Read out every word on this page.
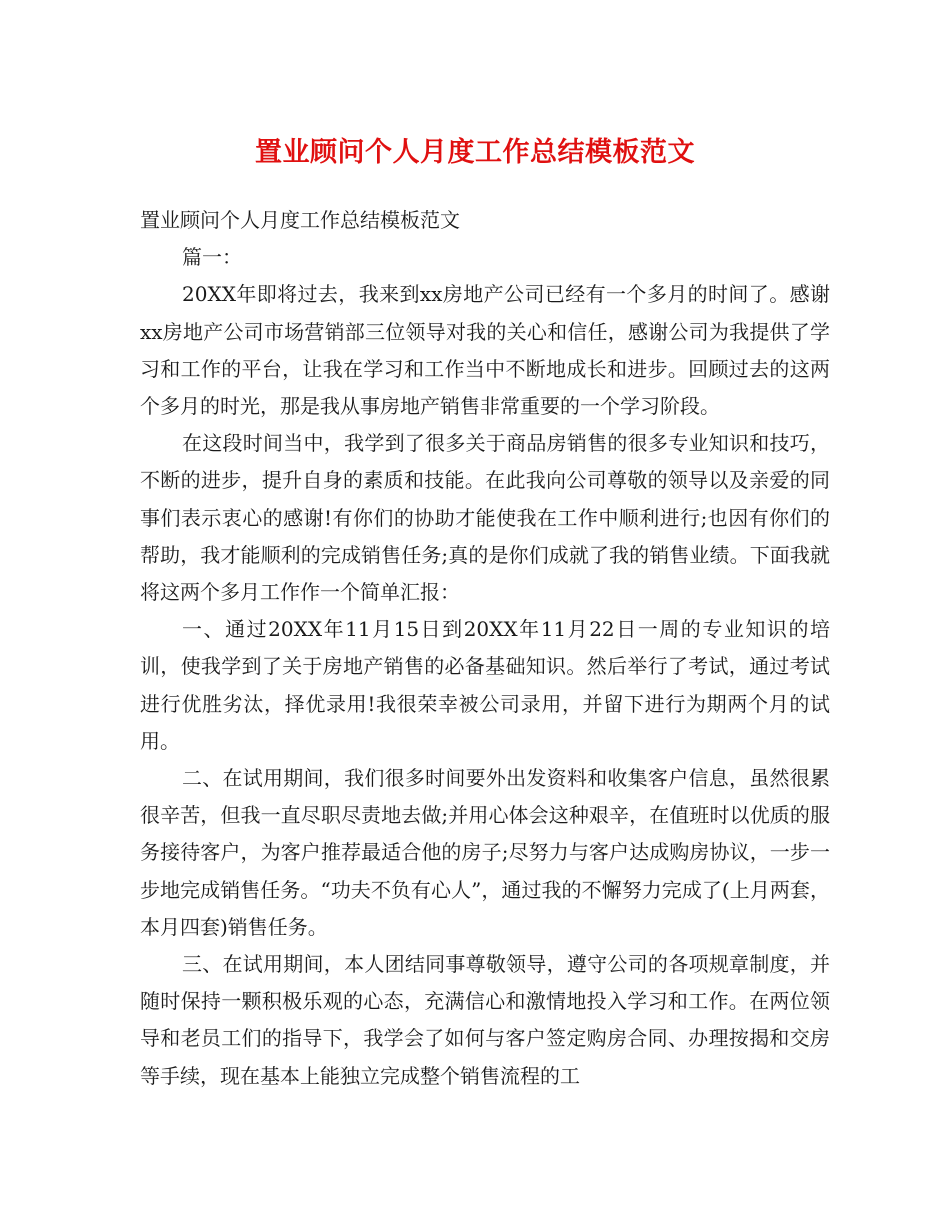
置业顾问个人月度工作总结模板范文

置业顾问个人月度工作总结模板范文

篇一：

20XX年即将过去，我来到xx房地产公司已经有一个多月的时间了。感谢xx房地产公司市场营销部三位领导对我的关心和信任，感谢公司为我提供了学习和工作的平台，让我在学习和工作当中不断地成长和进步。回顾过去的这两个多月的时光，那是我从事房地产销售非常重要的一个学习阶段。

在这段时间当中，我学到了很多关于商品房销售的很多专业知识和技巧，不断的进步，提升自身的素质和技能。在此我向公司尊敬的领导以及亲爱的同事们表示衷心的感谢!有你们的协助才能使我在工作中顺利进行;也因有你们的帮助，我才能顺利的完成销售任务;真的是你们成就了我的销售业绩。下面我就将这两个多月工作作一个简单汇报：

一、通过20XX年11月15日到20XX年11月22日一周的专业知识的培训，使我学到了关于房地产销售的必备基础知识。然后举行了考试，通过考试进行优胜劣汰，择优录用!我很荣幸被公司录用，并留下进行为期两个月的试用。

二、在试用期间，我们很多时间要外出发资料和收集客户信息，虽然很累很辛苦，但我一直尽职尽责地去做;并用心体会这种艰辛，在值班时以优质的服务接待客户，为客户推荐最适合他的房子;尽努力与客户达成购房协议，一步一步地完成销售任务。“功夫不负有心人”，通过我的不懈努力完成了(上月两套，本月四套)销售任务。

三、在试用期间，本人团结同事尊敬领导，遵守公司的各项规章制度，并随时保持一颗积极乐观的心态，充满信心和激情地投入学习和工作。在两位领导和老员工们的指导下，我学会了如何与客户签定购房合同、办理按揭和交房等手续，现在基本上能独立完成整个销售流程的工
